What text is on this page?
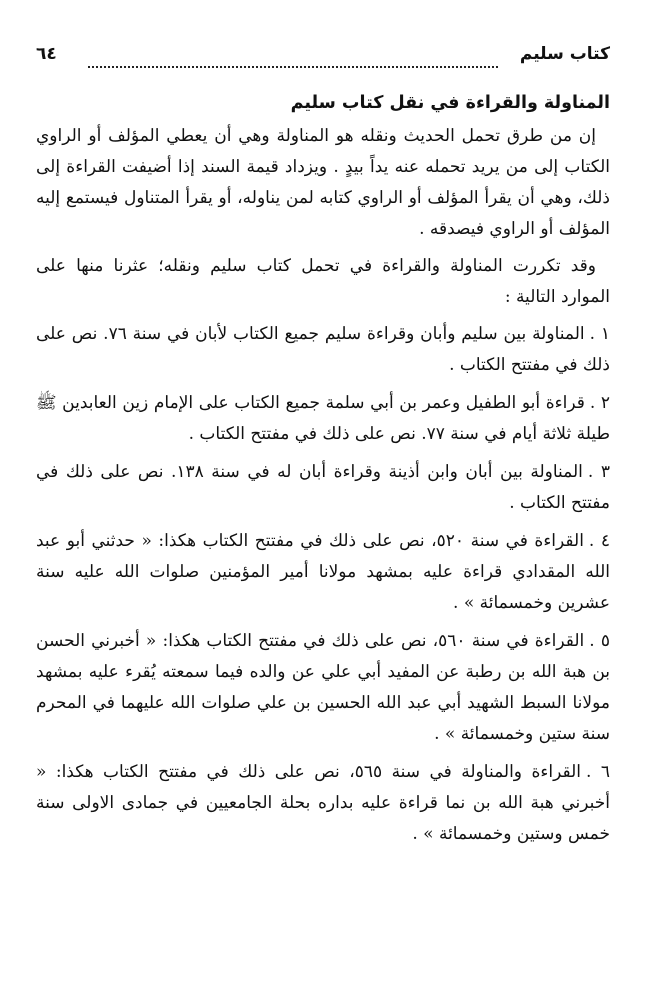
كتاب سليم
٦٤
المناولة والقراءة في نقل كتاب سليم

إن من طرق تحمل الحديث ونقله هو المناولة وهي أن يعطي المؤلف أو الراوي الكتاب إلى من يريد تحمله عنه يداً بيدٍ . ويزداد قيمة السند إذا أضيفت القراءة إلى ذلك، وهي أن يقرأ المؤلف أو الراوي كتابه لمن يناوله، أو يقرأ المتناول فيستمع إليه المؤلف أو الراوي فيصدقه .

وقد تكررت المناولة والقراءة في تحمل كتاب سليم ونقله؛ عثرنا منها على الموارد التالية :

١ .المناولة بين سليم وأبان وقراءة سليم جميع الكتاب لأبان في سنة ٧٦. نص على ذلك في مفتتح الكتاب .

٢ .قراءة أبو الطفيل وعمر بن أبي سلمة جميع الكتاب على الإمام زين العابدين ﷺ طيلة ثلاثة أيام في سنة ٧٧. نص على ذلك في مفتتح الكتاب .

٣ .المناولة بين أبان وابن أذينة وقراءة أبان له في سنة ١٣٨. نص على ذلك في مفتتح الكتاب .

٤ .القراءة في سنة ٥٢٠، نص على ذلك في مفتتح الكتاب هكذا: « حدثني أبو عبد الله المقدادي قراءة عليه بمشهد مولانا أمير المؤمنين صلوات الله عليه سنة عشرين وخمسمائة » .

٥ .القراءة في سنة ٥٦٠، نص على ذلك في مفتتح الكتاب هكذا: « أخبرني الحسن بن هبة الله بن رطبة عن المفيد أبي علي عن والده فيما سمعته يُقرء عليه بمشهد مولانا السبط الشهيد أبي عبد الله الحسين بن علي صلوات الله عليهما في المحرم سنة ستين وخمسمائة » .

٦ .القراءة والمناولة في سنة ٥٦٥، نص على ذلك في مفتتح الكتاب هكذا: « أخبرني هبة الله بن نما قراءة عليه بداره بحلة الجامعيين في جمادى الاولى سنة خمس وستين وخمسمائة » .
